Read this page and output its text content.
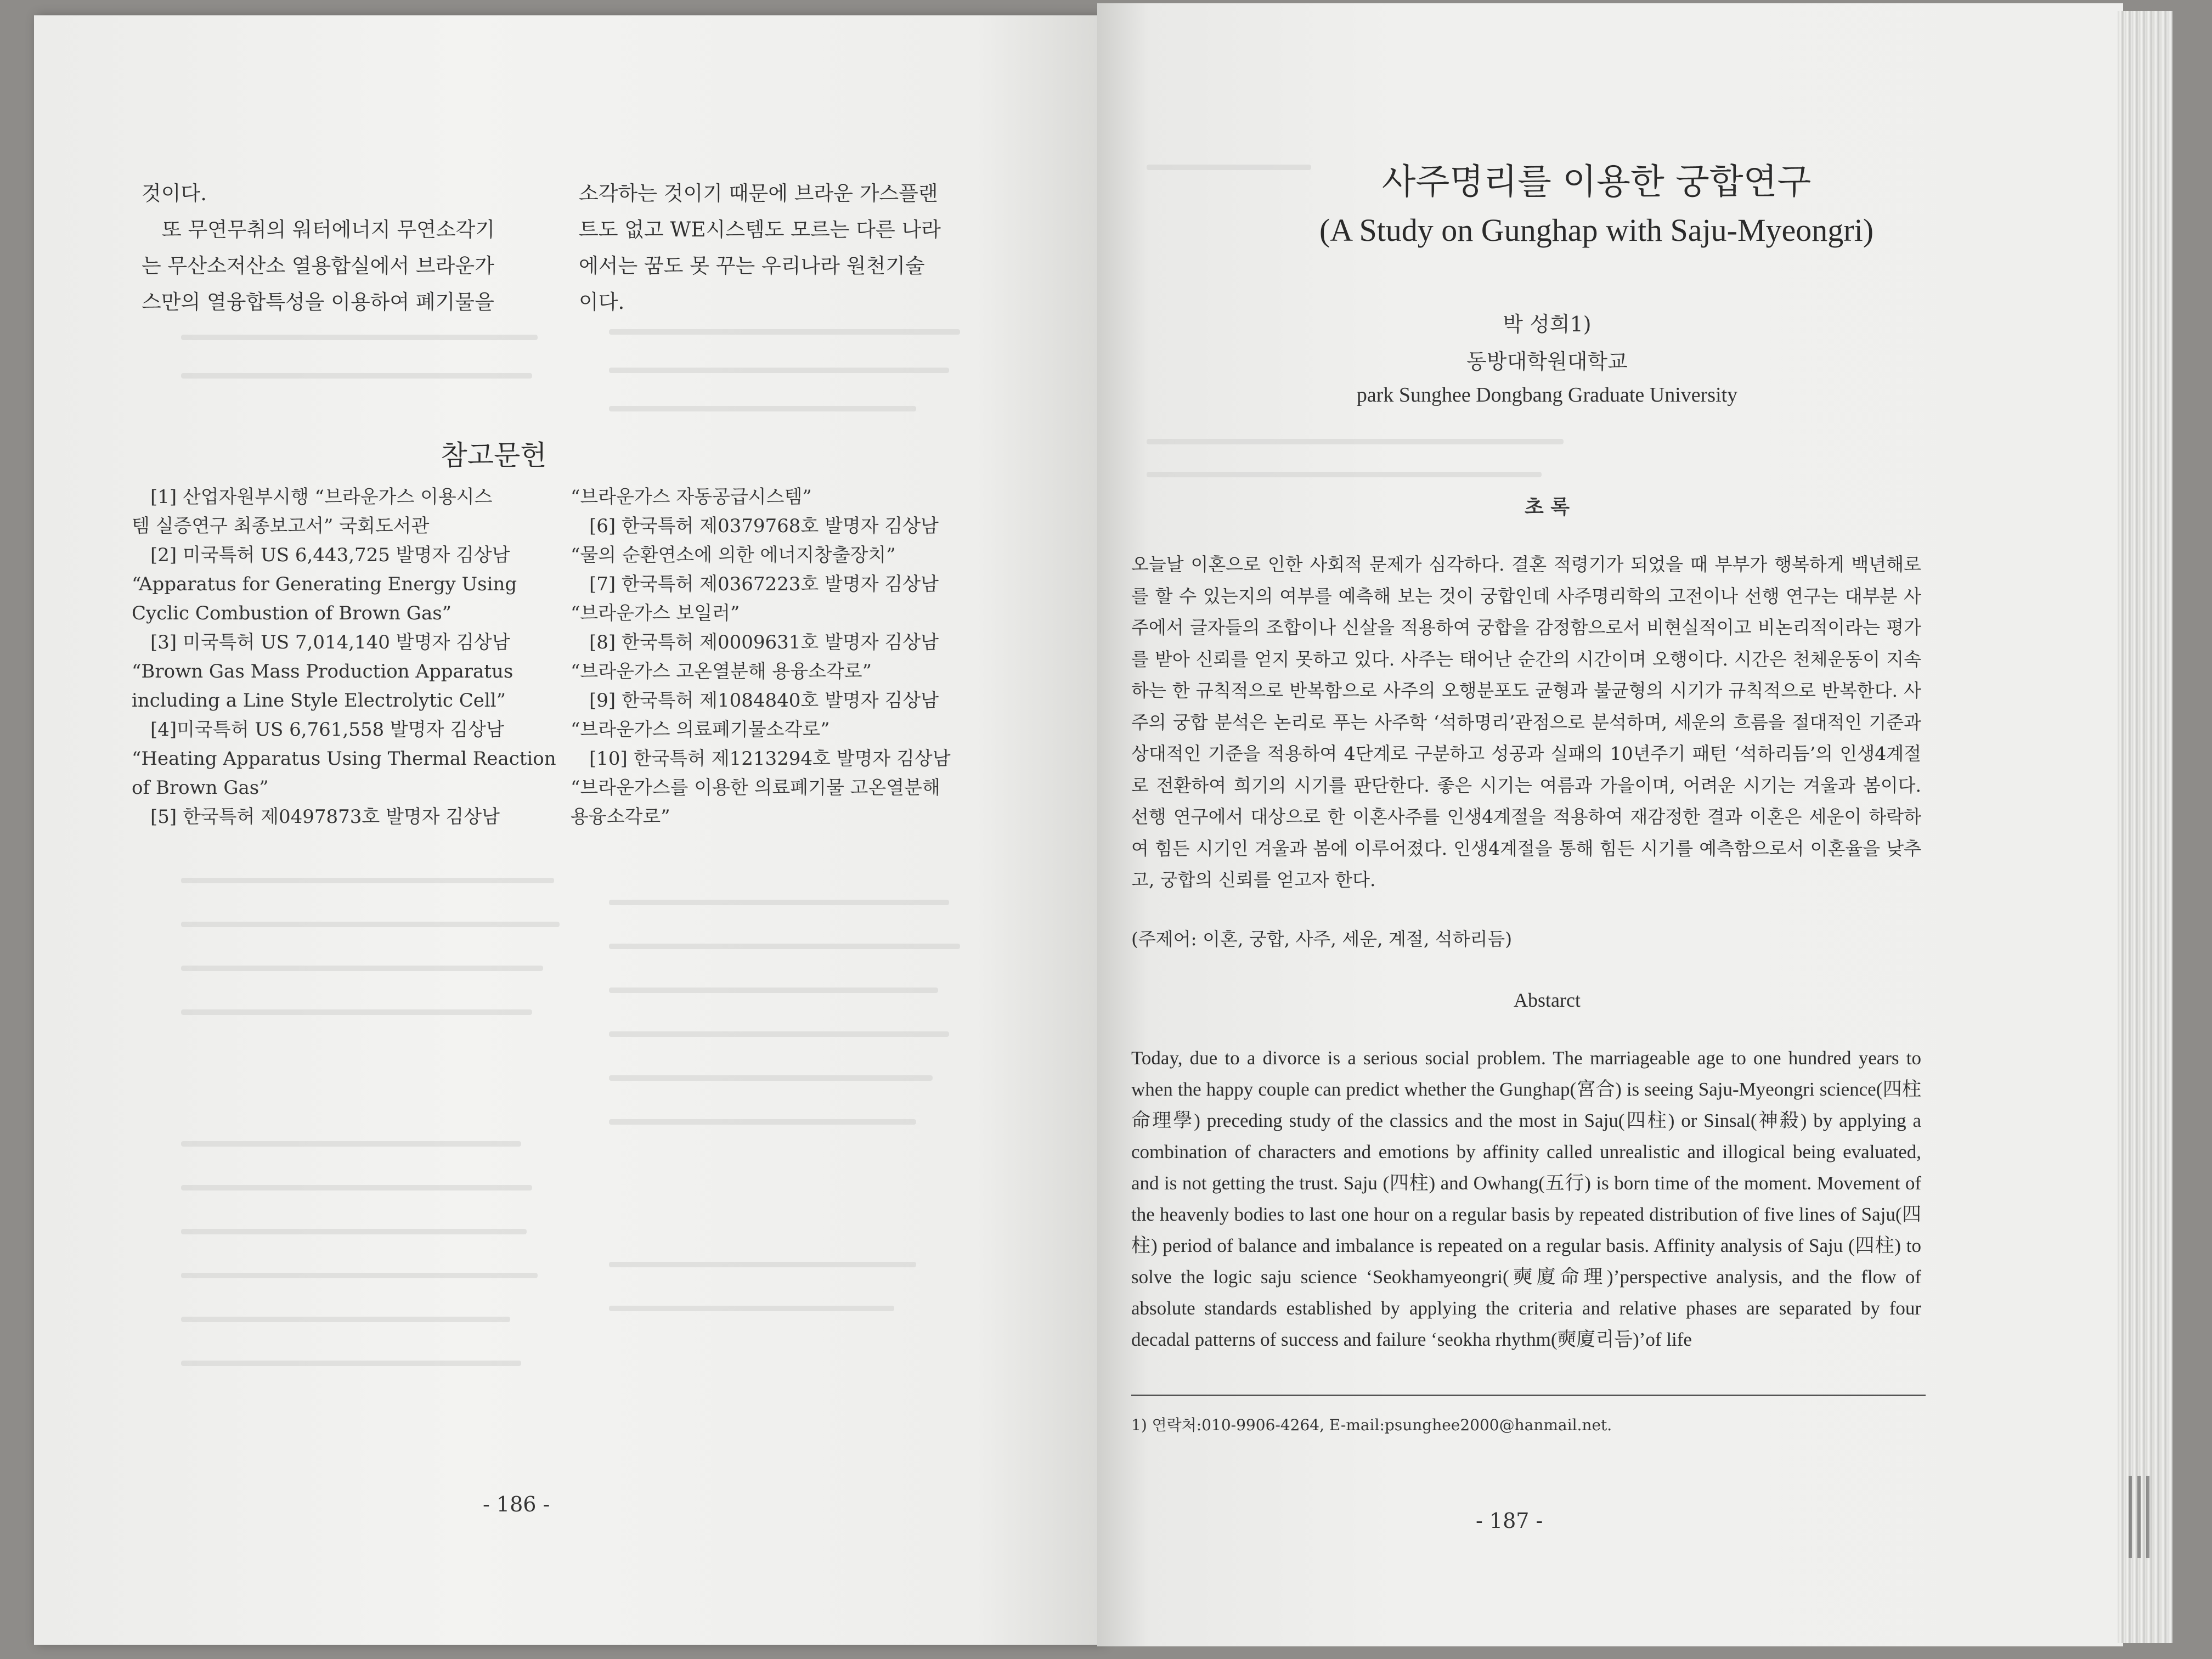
것이다.

또 무연무취의 워터에너지 무연소각기

는 무산소저산소 열용합실에서 브라운가

스만의 열융합특성을 이용하여 폐기물을

소각하는 것이기 때문에 브라운 가스플랜

트도 없고 WE시스템도 모르는 다른 나라

에서는 꿈도 못 꾸는 우리나라 원천기술

이다.

참고문헌

[1] 산업자원부시행 “브라운가스 이용시스

템 실증연구 최종보고서” 국회도서관

[2] 미국특허 US 6,443,725 발명자 김상남

“Apparatus for Generating Energy Using

Cyclic Combustion of Brown Gas”

[3] 미국특허 US 7,014,140 발명자 김상남

“Brown Gas Mass Production Apparatus

including a Line Style Electrolytic Cell”

[4]미국특허 US 6,761,558 발명자 김상남

“Heating Apparatus Using Thermal Reaction

of Brown Gas”

[5] 한국특허 제0497873호 발명자 김상남

“브라운가스 자동공급시스템”

[6] 한국특허 제0379768호 발명자 김상남

“물의 순환연소에 의한 에너지창출장치”

[7] 한국특허 제0367223호 발명자 김상남

“브라운가스 보일러”

[8] 한국특허 제0009631호 발명자 김상남

“브라운가스 고온열분해 용융소각로”

[9] 한국특허 제1084840호 발명자 김상남

“브라운가스 의료폐기물소각로”

[10] 한국특허 제1213294호 발명자 김상남

“브라운가스를 이용한 의료폐기물 고온열분해

용융소각로”

- 186 -
사주명리를 이용한 궁합연구
(A Study on Gunghap with Saju-Myeongri)
박 성희1)
동방대학원대학교
park Sunghee Dongbang Graduate University
초 록
오늘날 이혼으로 인한 사회적 문제가 심각하다. 결혼 적령기가 되었을 때 부부가 행복하게 백년해로를 할 수 있는지의 여부를 예측해 보는 것이 궁합인데 사주명리학의 고전이나 선행 연구는 대부분 사주에서 글자들의 조합이나 신살을 적용하여 궁합을 감정함으로서 비현실적이고 비논리적이라는 평가를 받아 신뢰를 얻지 못하고 있다. 사주는 태어난 순간의 시간이며 오행이다. 시간은 천체운동이 지속하는 한 규칙적으로 반복함으로 사주의 오행분포도 균형과 불균형의 시기가 규칙적으로 반복한다. 사주의 궁합 분석은 논리로 푸는 사주학 ‘석하명리’관점으로 분석하며, 세운의 흐름을 절대적인 기준과 상대적인 기준을 적용하여 4단계로 구분하고 성공과 실패의 10년주기 패턴 ‘석하리듬’의 인생4계절로 전환하여 희기의 시기를 판단한다. 좋은 시기는 여름과 가을이며, 어려운 시기는 겨울과 봄이다. 선행 연구에서 대상으로 한 이혼사주를 인생4계절을 적용하여 재감정한 결과 이혼은 세운이 하락하여 힘든 시기인 겨울과 봄에 이루어졌다. 인생4계절을 통해 힘든 시기를 예측함으로서 이혼율을 낮추고, 궁합의 신뢰를 얻고자 한다.
(주제어: 이혼, 궁합, 사주, 세운, 계절, 석하리듬)
Abstarct
Today, due to a divorce is a serious social problem. The marriageable age to one hundred years to when the happy couple can predict whether the Gunghap(宮合) is seeing Saju-Myeongri science(四柱命理學) preceding study of the classics and the most in Saju(四柱) or Sinsal(神殺) by applying a combination of characters and emotions by affinity called unrealistic and illogical being evaluated, and is not getting the trust. Saju (四柱) and Owhang(五行) is born time of the moment. Movement of the heavenly bodies to last one hour on a regular basis by repeated distribution of five lines of Saju(四柱) period of balance and imbalance is repeated on a regular basis. Affinity analysis of Saju (四柱) to solve the logic saju science ‘Seokhamyeongri(奭廈命理)’perspective analysis, and the flow of absolute standards established by applying the criteria and relative phases are separated by four decadal patterns of success and failure ‘seokha rhythm(奭廈리듬)’of life
1) 연락처:010-9906-4264, E-mail:psunghee2000@hanmail.net.
- 187 -
